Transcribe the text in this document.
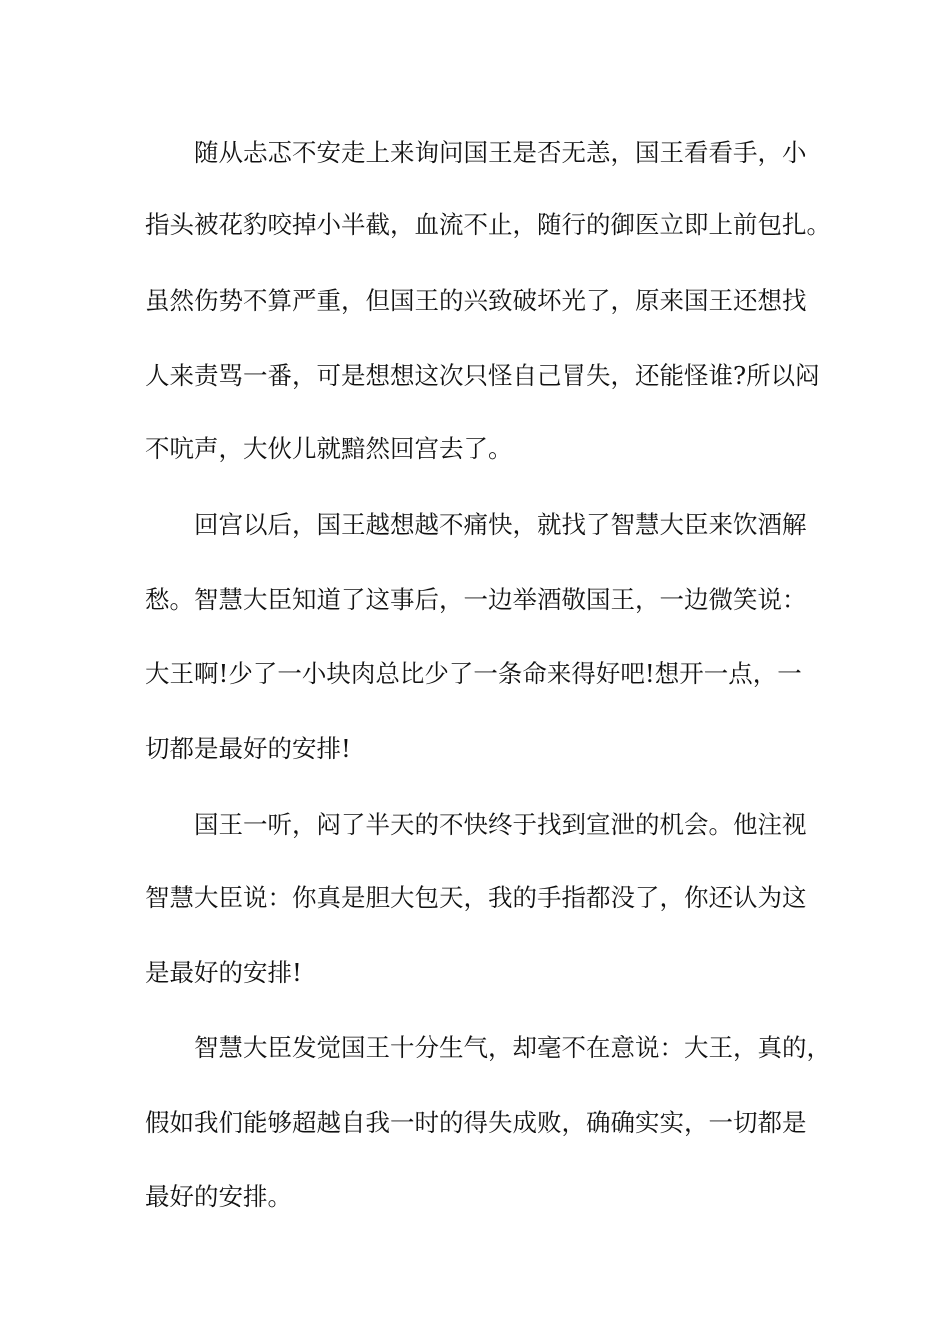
随从忐忑不安走上来询问国王是否无恙，国王看看手，小
指头被花豹咬掉小半截，血流不止，随行的御医立即上前包扎。
虽然伤势不算严重，但国王的兴致破坏光了，原来国王还想找
人来责骂一番，可是想想这次只怪自己冒失，还能怪谁?所以闷
不吭声，大伙儿就黯然回宫去了。
回宫以后，国王越想越不痛快，就找了智慧大臣来饮酒解
愁。智慧大臣知道了这事后，一边举酒敬国王，一边微笑说：
大王啊!少了一小块肉总比少了一条命来得好吧!想开一点，一
切都是最好的安排!
国王一听，闷了半天的不快终于找到宣泄的机会。他注视
智慧大臣说：你真是胆大包天，我的手指都没了，你还认为这
是最好的安排!
智慧大臣发觉国王十分生气，却毫不在意说：大王，真的，
假如我们能够超越自我一时的得失成败，确确实实，一切都是
最好的安排。
